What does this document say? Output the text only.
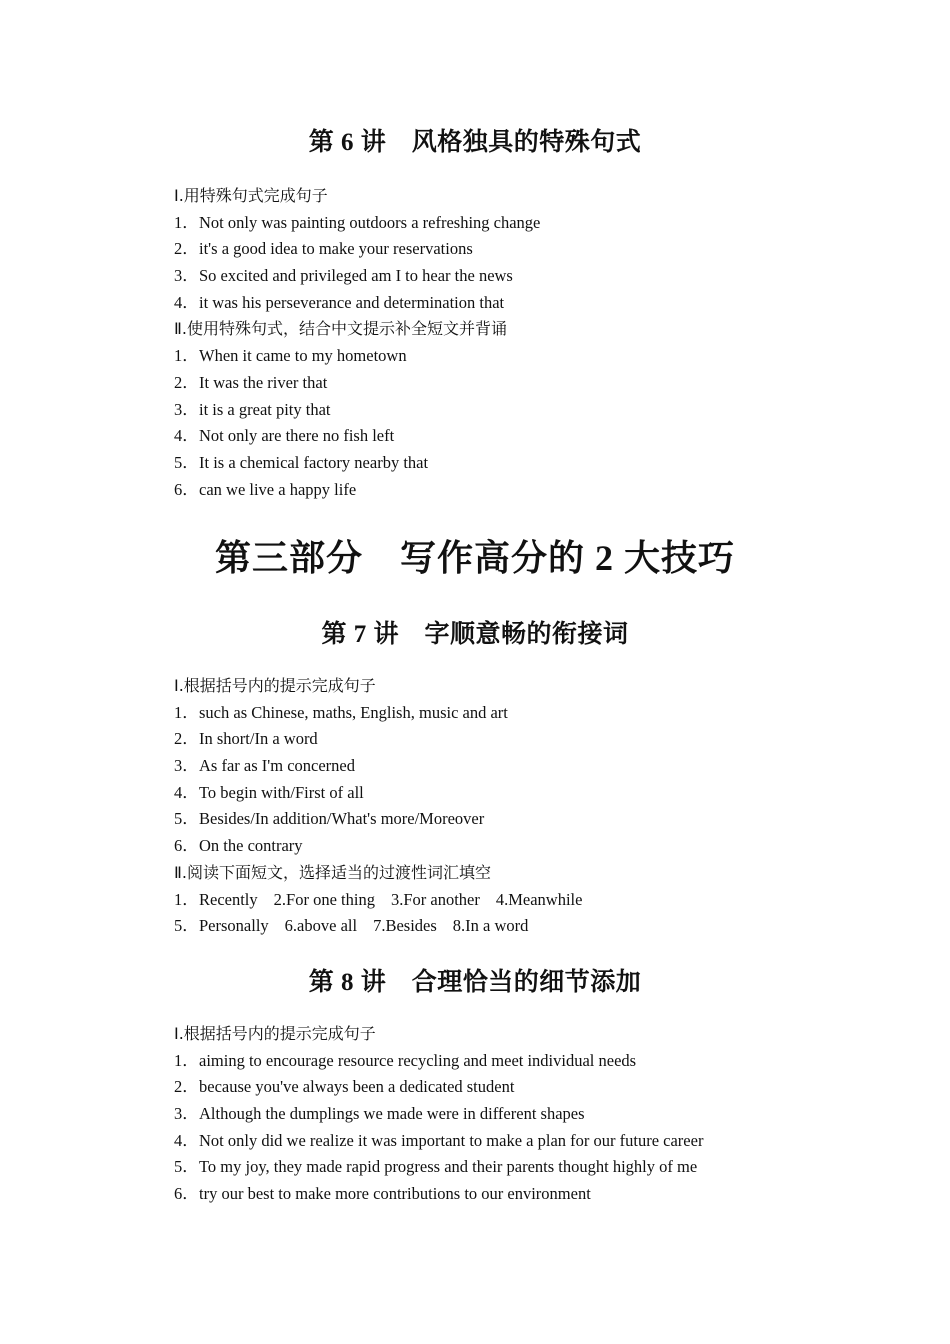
第 6 讲　风格独具的特殊句式
Ⅰ.用特殊句式完成句子
1．Not only was painting outdoors a refreshing change
2．it's a good idea to make your reservations
3．So excited and privileged am I to hear the news
4．it was his perseverance and determination that
Ⅱ.使用特殊句式，结合中文提示补全短文并背诵
1．When it came to my hometown
2．It was the river that
3．it is a great pity that
4．Not only are there no fish left
5．It is a chemical factory nearby that
6．can we live a happy life
第三部分　写作高分的 2 大技巧
第 7 讲　字顺意畅的衔接词
Ⅰ.根据括号内的提示完成句子
1．such as Chinese, maths, English, music and art
2．In short/In a word
3．As far as I'm concerned
4．To begin with/First of all
5．Besides/In addition/What's more/Moreover
6．On the contrary
Ⅱ.阅读下面短文，选择适当的过渡性词汇填空
1．Recently 2.For one thing 3.For another 4.Meanwhile
5．Personally 6.above all 7.Besides 8.In a word
第 8 讲　合理恰当的细节添加
Ⅰ.根据括号内的提示完成句子
1．aiming to encourage resource recycling and meet individual needs
2．because you've always been a dedicated student
3．Although the dumplings we made were in different shapes
4．Not only did we realize it was important to make a plan for our future career
5．To my joy, they made rapid progress and their parents thought highly of me
6．try our best to make more contributions to our environment
